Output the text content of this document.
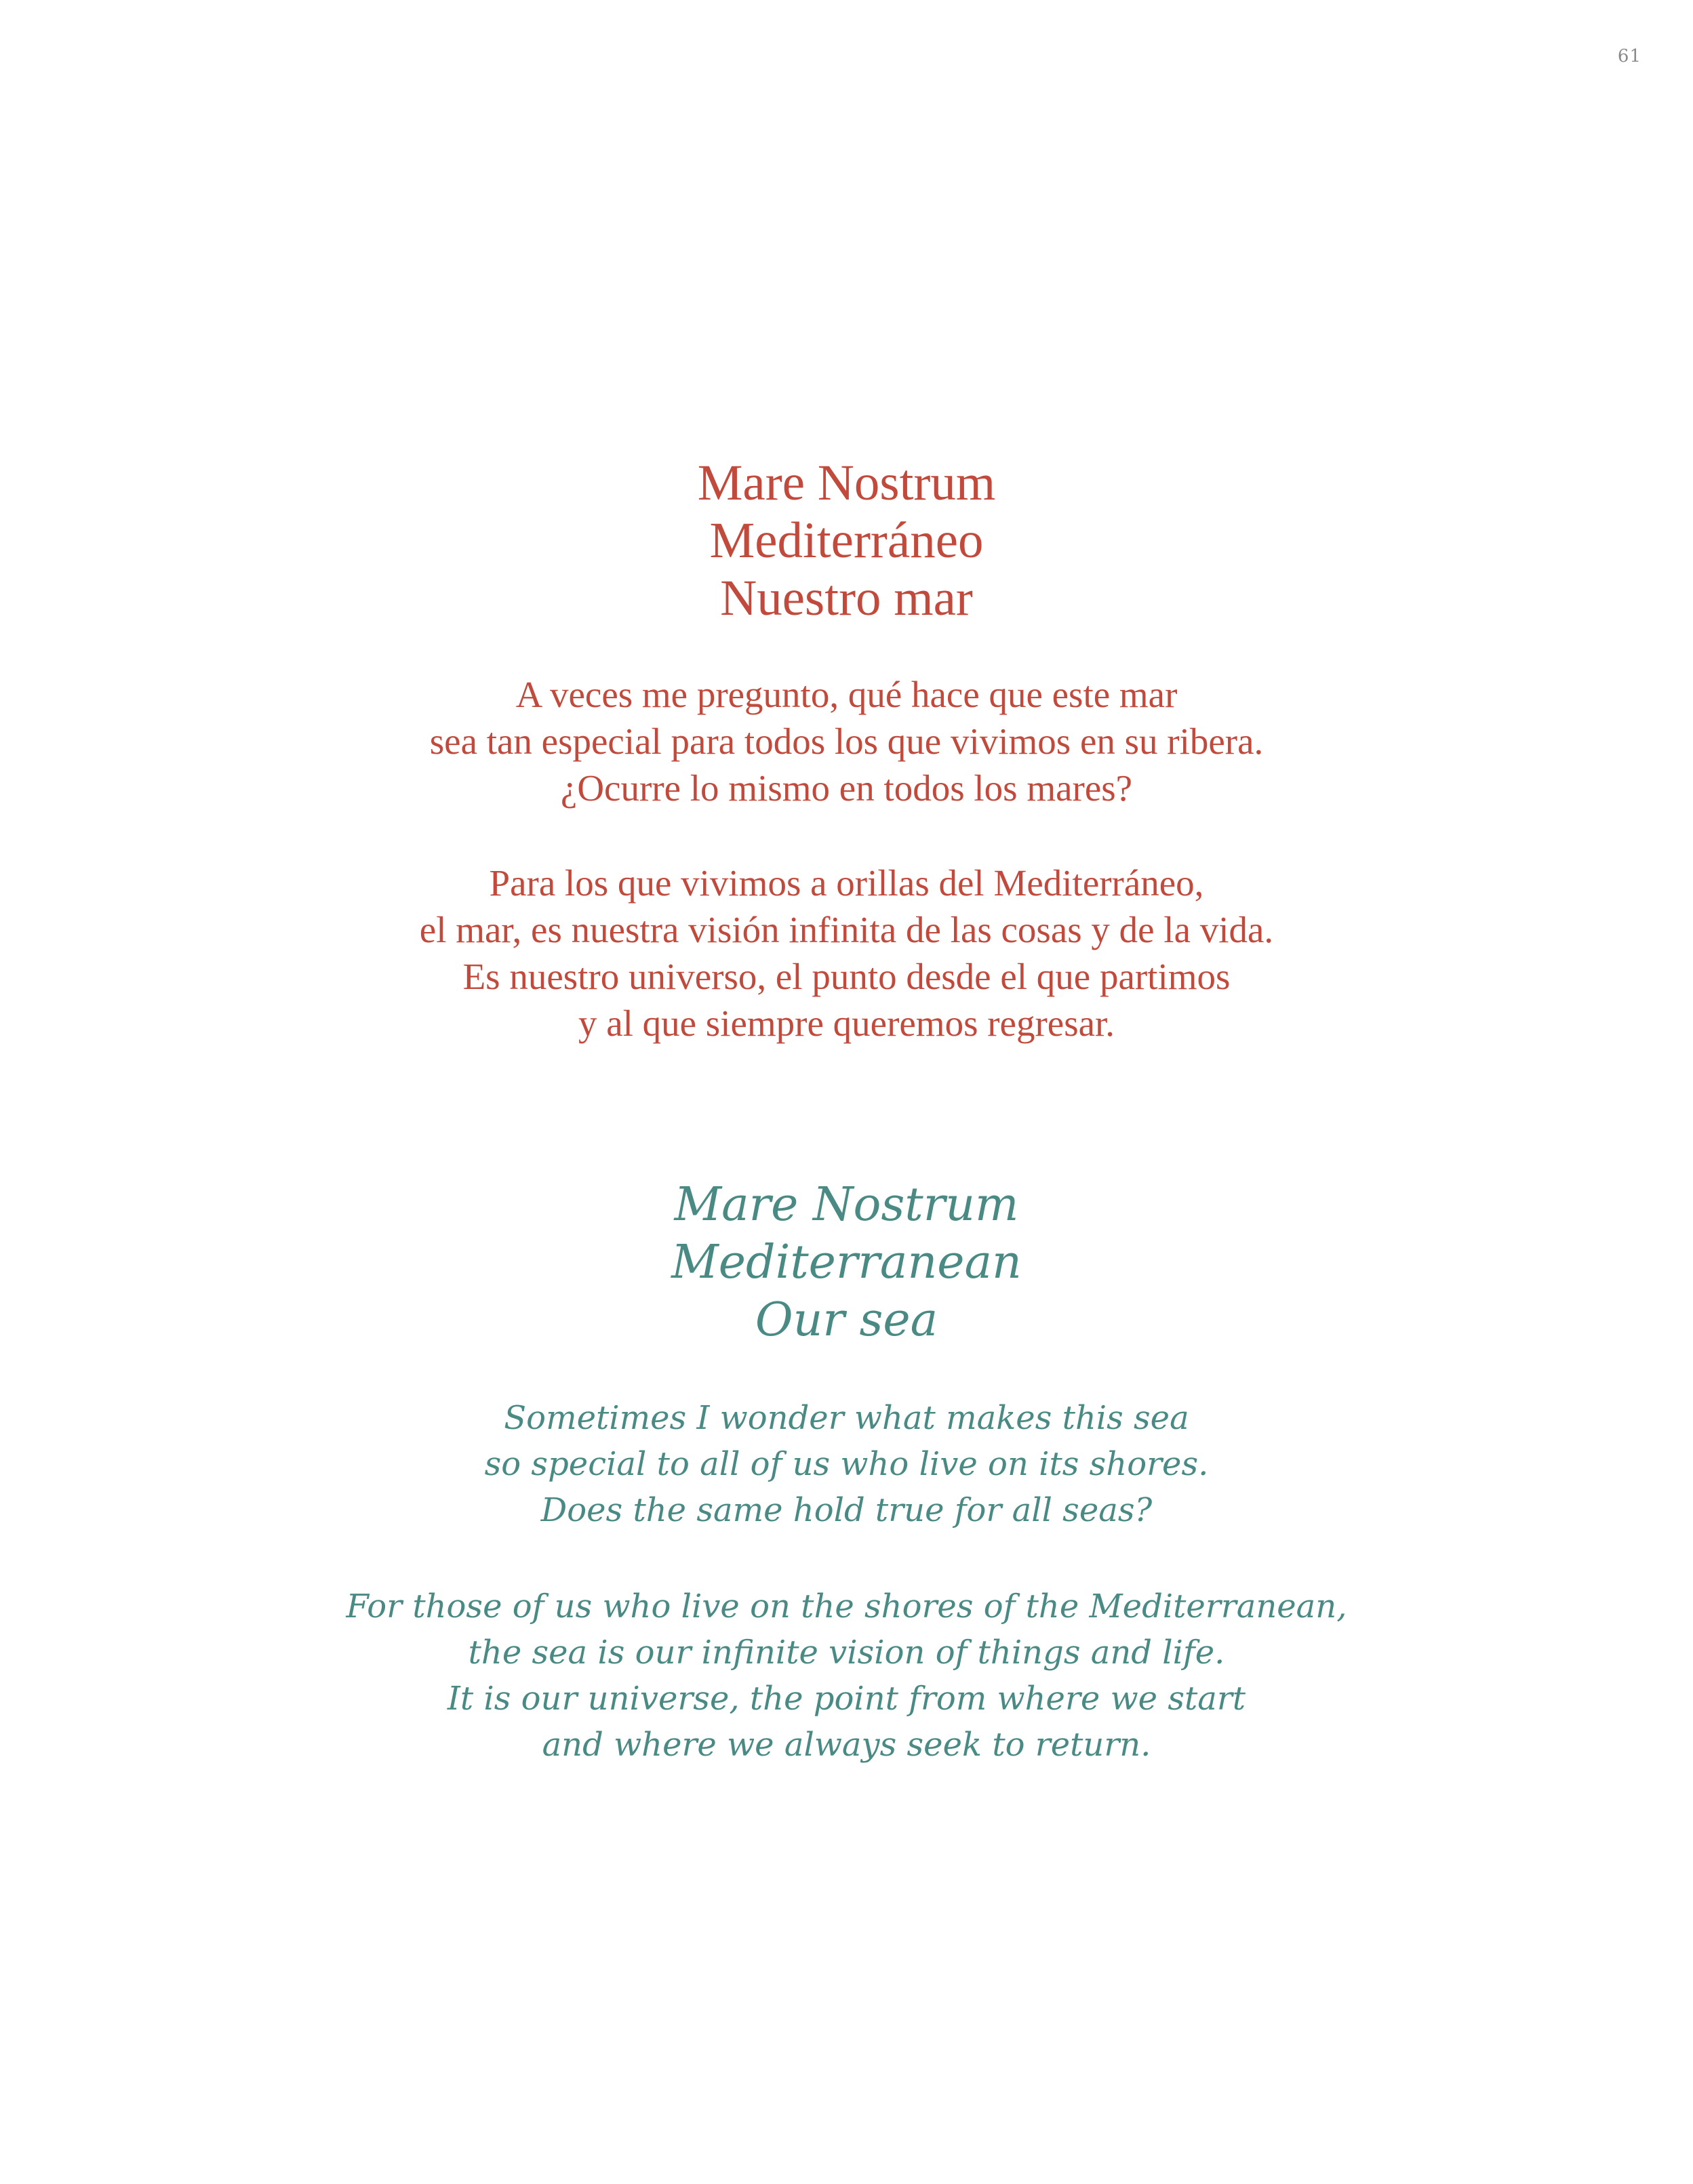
61
Mare Nostrum
Mediterráneo
Nuestro mar
A veces me pregunto, qué hace que este mar
sea tan especial para todos los que vivimos en su ribera.
¿Ocurre lo mismo en todos los mares?
Para los que vivimos a orillas del Mediterráneo,
el mar, es nuestra visión infinita de las cosas y de la vida.
Es nuestro universo, el punto desde el que partimos
y al que siempre queremos regresar.
Mare Nostrum
Mediterranean
Our sea
Sometimes I wonder what makes this sea
so special to all of us who live on its shores.
Does the same hold true for all seas?
For those of us who live on the shores of the Mediterranean,
the sea is our infinite vision of things and life.
It is our universe, the point from where we start
and where we always seek to return.
